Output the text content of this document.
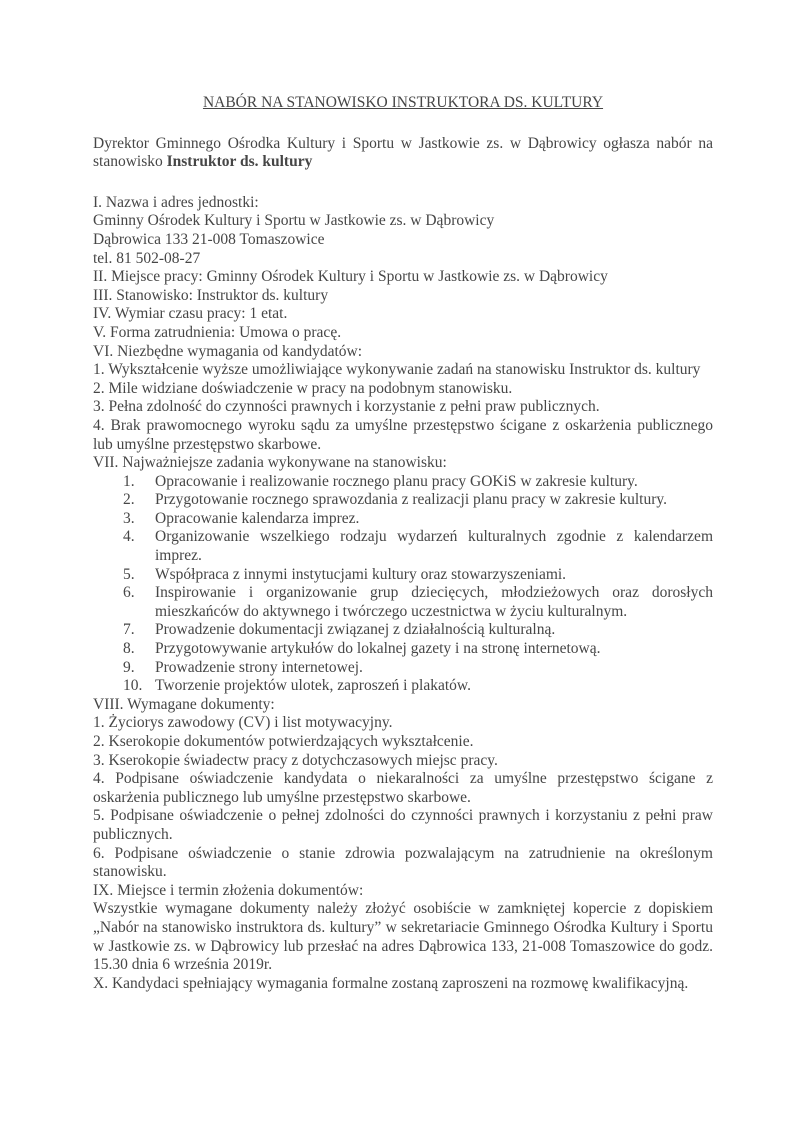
NABÓR NA STANOWISKO INSTRUKTORA DS. KULTURY

Dyrektor Gminnego Ośrodka Kultury i Sportu w Jastkowie zs. w Dąbrowicy ogłasza nabór na stanowisko Instruktor ds. kultury

I. Nazwa i adres jednostki:

Gminny Ośrodek Kultury i Sportu w Jastkowie zs. w Dąbrowicy

Dąbrowica 133 21-008 Tomaszowice

tel. 81 502-08-27

II. Miejsce pracy: Gminny Ośrodek Kultury i Sportu w Jastkowie zs. w Dąbrowicy

III. Stanowisko: Instruktor ds. kultury

IV. Wymiar czasu pracy: 1 etat.

V. Forma zatrudnienia: Umowa o pracę.

VI. Niezbędne wymagania od kandydatów:

1. Wykształcenie wyższe umożliwiające wykonywanie zadań na stanowisku Instruktor ds. kultury

2. Mile widziane doświadczenie w pracy na podobnym stanowisku.

3. Pełna zdolność do czynności prawnych i korzystanie z pełni praw publicznych.

4. Brak prawomocnego wyroku sądu za umyślne przestępstwo ścigane z oskarżenia publicznego lub umyślne przestępstwo skarbowe.

VII. Najważniejsze zadania wykonywane na stanowisku:

Opracowanie i realizowanie rocznego planu pracy GOKiS w zakresie kultury.
Przygotowanie rocznego sprawozdania z realizacji planu pracy w zakresie kultury.
Opracowanie kalendarza imprez.
Organizowanie wszelkiego rodzaju wydarzeń kulturalnych zgodnie z kalendarzem imprez.
Współpraca z innymi instytucjami kultury oraz stowarzyszeniami.
Inspirowanie i organizowanie grup dziecięcych, młodzieżowych oraz dorosłych mieszkańców do aktywnego i twórczego uczestnictwa w życiu kulturalnym.
Prowadzenie dokumentacji związanej z działalnością kulturalną.
Przygotowywanie artykułów do lokalnej gazety i na stronę internetową.
Prowadzenie strony internetowej.
Tworzenie projektów ulotek, zaproszeń i plakatów.

VIII. Wymagane dokumenty:

1. Życiorys zawodowy (CV) i list motywacyjny.

2. Kserokopie dokumentów potwierdzających wykształcenie.

3. Kserokopie świadectw pracy z dotychczasowych miejsc pracy.

4. Podpisane oświadczenie kandydata o niekaralności za umyślne przestępstwo ścigane z oskarżenia publicznego lub umyślne przestępstwo skarbowe.

5. Podpisane oświadczenie o pełnej zdolności do czynności prawnych i korzystaniu z pełni praw publicznych.

6. Podpisane oświadczenie o stanie zdrowia pozwalającym na zatrudnienie na określonym stanowisku.

IX. Miejsce i termin złożenia dokumentów:

Wszystkie wymagane dokumenty należy złożyć osobiście w zamkniętej kopercie z dopiskiem „Nabór na stanowisko instruktora ds. kultury” w sekretariacie Gminnego Ośrodka Kultury i Sportu w Jastkowie zs. w Dąbrowicy lub przesłać na adres Dąbrowica 133, 21-008 Tomaszowice do godz. 15.30 dnia 6 września 2019r.

X. Kandydaci spełniający wymagania formalne zostaną zaproszeni na rozmowę kwalifikacyjną.
